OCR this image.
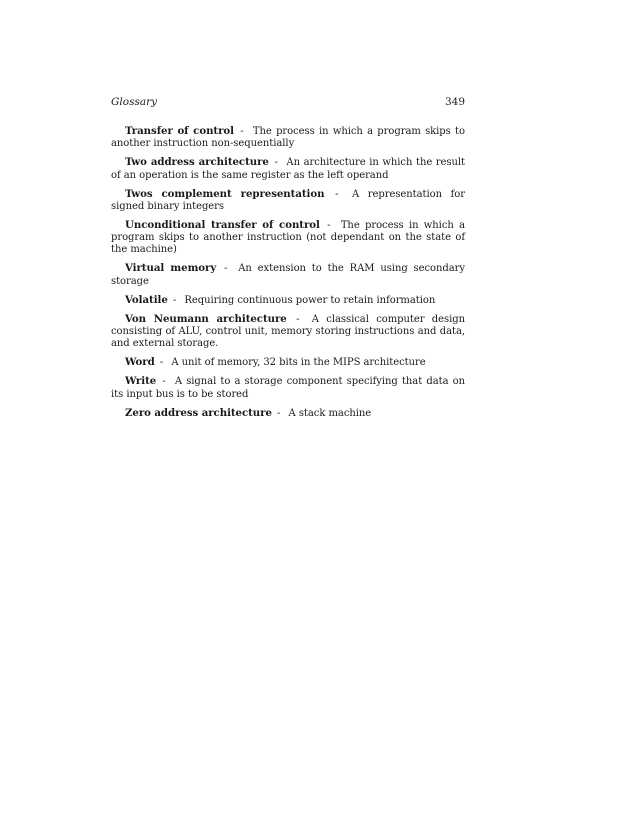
Glossary	349

Transfer of control - The process in which a program skips to another instruction non-sequentially

Two address architecture - An architecture in which the result of an operation is the same register as the left operand

Twos complement representation - A representation for signed binary integers

Unconditional transfer of control - The process in which a program skips to another instruction (not dependant on the state of the machine)

Virtual memory - An extension to the RAM using secondary storage

Volatile - Requiring continuous power to retain information

Von Neumann architecture - A classical computer design consisting of ALU, control unit, memory storing instructions and data, and external storage.

Word - A unit of memory, 32 bits in the MIPS architecture

Write - A signal to a storage component specifying that data on its input bus is to be stored

Zero address architecture - A stack machine
